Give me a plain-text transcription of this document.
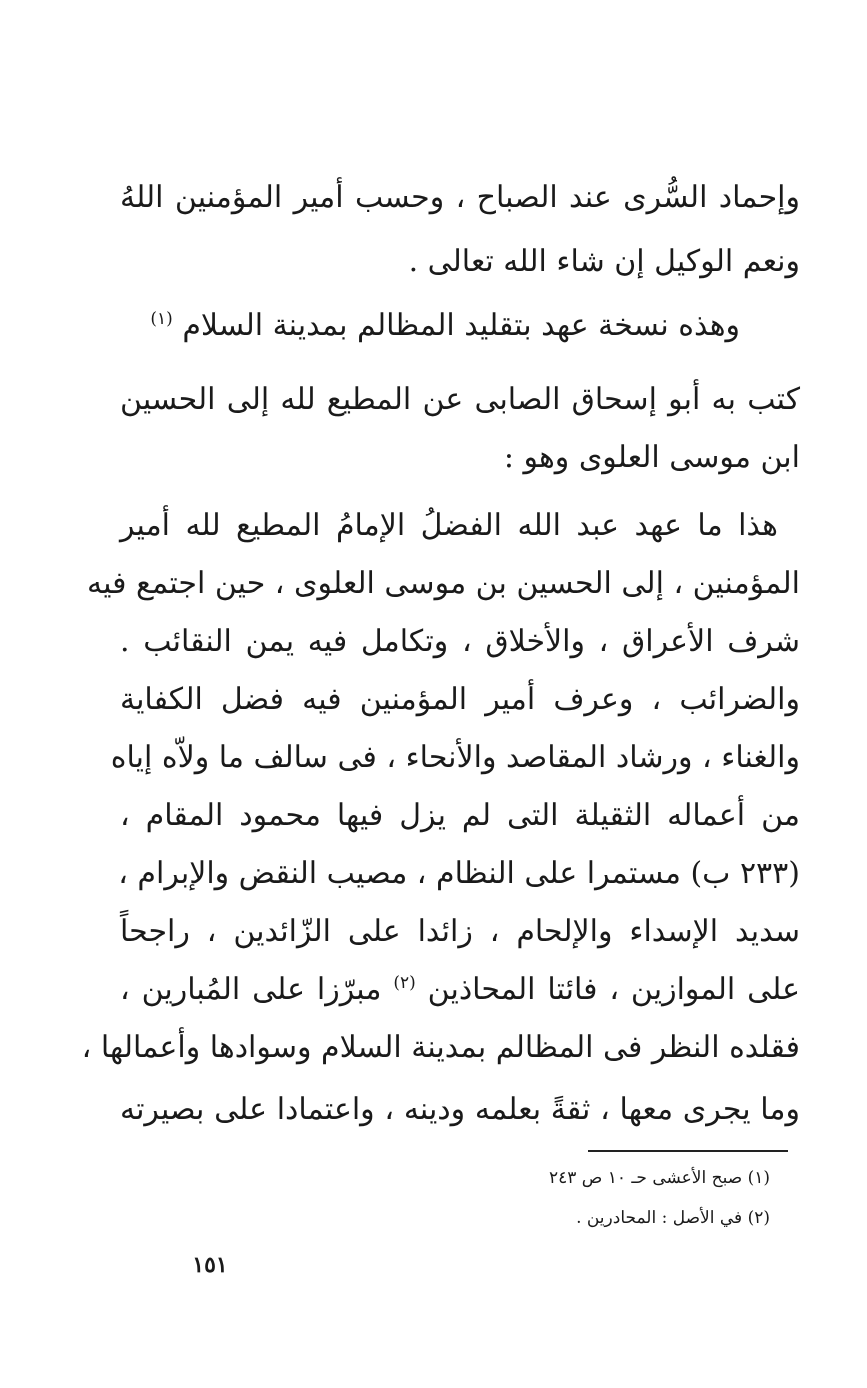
وإحماد السُّرى عند الصباح ، وحسب أمير المؤمنين اللهُ
ونعم الوكيل إن شاء الله تعالى .
وهذه نسخة عهد بتقليد المظالم بمدينة السلام $^{(١)}$
كتب به أبو إسحاق الصابى عن المطيع لله إلى الحسين
ابن موسى العلوى وهو :
هذا ما عهد عبد الله الفضلُ الإمامُ المطيع لله أمير
المؤمنين ، إلى الحسين بن موسى العلوى ، حين اجتمع فيه
شرف الأعراق ، والأخلاق ، وتكامل فيه يمن النقائب .
والضرائب ، وعرف أمير المؤمنين فيه فضل الكفاية
والغناء ، ورشاد المقاصد والأنحاء ، فى سالف ما ولاّه إياه
من أعماله الثقيلة التى لم يزل فيها محمود المقام ،
(٢٣٣ ب) مستمرا على النظام ، مصيب النقض والإبرام ،
سديد الإسداء والإلحام ، زائدا على الزّائدين ، راجحاً
على الموازين ، فائتا المحاذين $^{(٢)}$ مبرّزا على المُبارين ،
فقلده النظر فى المظالم بمدينة السلام وسوادها وأعمالها ،
وما يجرى معها ، ثقةً بعلمه ودينه ، واعتمادا على بصيرته
(١) صبح الأعشى حـ ١٠ ص ٢٤٣
(٢) في الأصل : المحادرين .
١٥١
